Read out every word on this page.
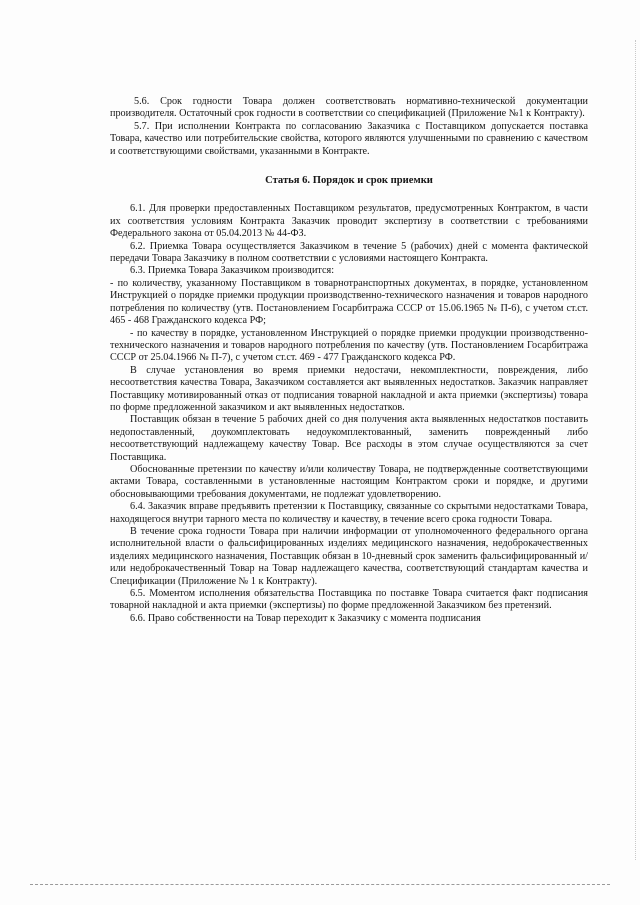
5.6. Срок годности Товара должен соответствовать нормативно-технической документации производителя. Остаточный срок годности в соответствии со спецификацией (Приложение №1 к Контракту).

5.7. При исполнении Контракта по согласованию Заказчика с Поставщиком допускается поставка Товара, качество или потребительские свойства, которого являются улучшенными по сравнению с качеством и соответствующими свойствами, указанными в Контракте.

Статья 6. Порядок и срок приемки

6.1. Для проверки предоставленных Поставщиком результатов, предусмотренных Контрактом, в части их соответствия условиям Контракта Заказчик проводит экспертизу в соответствии с требованиями Федерального закона от 05.04.2013 № 44-ФЗ.

6.2. Приемка Товара осуществляется Заказчиком в течение 5 (рабочих) дней с момента фактической передачи Товара Заказчику в полном соответствии с условиями настоящего Контракта.

6.3. Приемка Товара Заказчиком производится:

- по количеству, указанному Поставщиком в товарнотранспортных документах, в порядке, установленном Инструкцией о порядке приемки продукции производственно-технического назначения и товаров народного потребления по количеству (утв. Постановлением Госарбитража СССР от 15.06.1965 № П-6), с учетом ст.ст. 465 - 468 Гражданского кодекса РФ;

- по качеству в порядке, установленном Инструкцией о порядке приемки продукции производственно-технического назначения и товаров народного потребления по качеству (утв. Постановлением Госарбитража СССР от 25.04.1966 № П-7), с учетом ст.ст. 469 - 477 Гражданского кодекса РФ.

В случае установления во время приемки недостачи, некомплектности, повреждения, либо несоответствия качества Товара, Заказчиком составляется акт выявленных недостатков. Заказчик направляет Поставщику мотивированный отказ от подписания товарной накладной и акта приемки (экспертизы) товара по форме предложенной заказчиком и акт выявленных недостатков.

Поставщик обязан в течение 5 рабочих дней со дня получения акта выявленных недостатков поставить недопоставленный, доукомплектовать недоукомплектованный, заменить поврежденный либо несоответствующий надлежащему качеству Товар. Все расходы в этом случае осуществляются за счет Поставщика.

Обоснованные претензии по качеству и/или количеству Товара, не подтвержденные соответствующими актами Товара, составленными в установленные настоящим Контрактом сроки и порядке, и другими обосновывающими требования документами, не подлежат удовлетворению.

6.4. Заказчик вправе предъявить претензии к Поставщику, связанные со скрытыми недостатками Товара, находящегося внутри тарного места по количеству и качеству, в течение всего срока годности Товара.

В течение срока годности Товара при наличии информации от уполномоченного федерального органа исполнительной власти о фальсифицированных изделиях медицинского назначения, недоброкачественных изделиях медицинского назначения, Поставщик обязан в 10-дневный срок заменить фальсифицированный и/или недоброкачественный Товар на Товар надлежащего качества, соответствующий стандартам качества и Спецификации (Приложение № 1 к Контракту).

6.5. Моментом исполнения обязательства Поставщика по поставке Товара считается факт подписания товарной накладной и акта приемки (экспертизы) по форме предложенной Заказчиком без претензий.

6.6. Право собственности на Товар переходит к Заказчику с момента подписания
